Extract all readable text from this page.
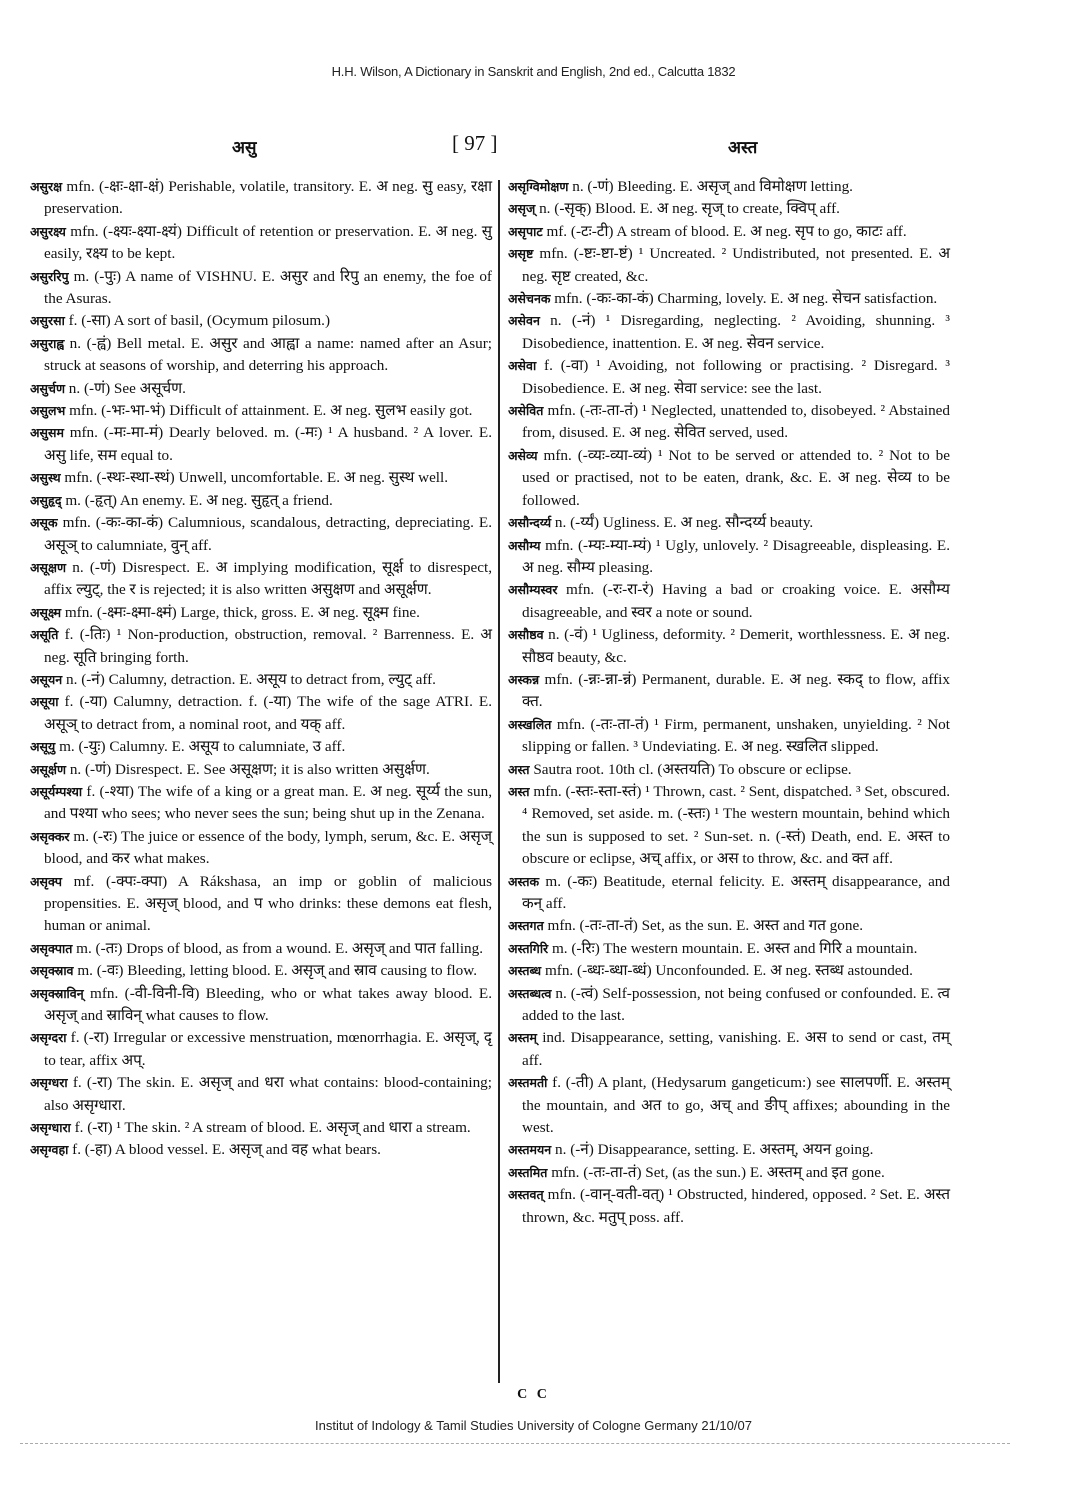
H.H. Wilson, A Dictionary in Sanskrit and English, 2nd ed., Calcutta 1832
असु	[ 97 ]	अस्त

असुरक्ष mfn. (-क्षः-क्षा-क्षं) Perishable, volatile, transitory. E. अ neg. सु easy, रक्षा preservation.

असुरक्ष्य mfn. (-क्ष्यः-क्ष्या-क्ष्यं) Difficult of retention or preservation. E. अ neg. सु easily, रक्ष्य to be kept.

असुररिपु m. (-पुः) A name of VISHNU. E. असुर and रिपु an enemy, the foe of the Asuras.

असुरसा f. (-सा) A sort of basil, (Ocymum pilosum.)

असुराह्व n. (-ह्वं) Bell metal. E. असुर and आह्वा a name: named after an Asur; struck at seasons of worship, and deterring his approach.

असुर्चण n. (-णं) See असूर्चण.

असुलभ mfn. (-भः-भा-भं) Difficult of attainment. E. अ neg. सुलभ easily got.

असुसम mfn. (-मः-मा-मं) Dearly beloved. m. (-मः) ¹ A husband. ² A lover. E. असु life, सम equal to.

असुस्थ mfn. (-स्थः-स्था-स्थं) Unwell, uncomfortable. E. अ neg. सुस्थ well.

असुहृद् m. (-हृत्) An enemy. E. अ neg. सुहृत् a friend.

असूक mfn. (-कः-का-कं) Calumnious, scandalous, detracting, depreciating. E. असूञ् to calumniate, वुन् aff.

असूक्षण n. (-णं) Disrespect. E. अ implying modification, सूर्क्ष to disrespect, affix ल्युट्, the र is rejected; it is also written असुक्षण and असूर्क्षण.

असूक्ष्म mfn. (-क्ष्मः-क्ष्मा-क्ष्मं) Large, thick, gross. E. अ neg. सूक्ष्म fine.

असूति f. (-तिः) ¹ Non-production, obstruction, removal. ² Barrenness. E. अ neg. सूति bringing forth.

असूयन n. (-नं) Calumny, detraction. E. असूय to detract from, ल्युट् aff.

असूया f. (-या) Calumny, detraction. f. (-या) The wife of the sage ATRI. E. असूञ् to detract from, a nominal root, and यक् aff.

असूयु m. (-युः) Calumny. E. असूय to calumniate, उ aff.

असूर्क्षण n. (-णं) Disrespect. E. See असूक्षण; it is also written असुर्क्षण.

असूर्यम्पश्या f. (-श्या) The wife of a king or a great man. E. अ neg. सूर्य्य the sun, and पश्या who sees; who never sees the sun; being shut up in the Zenana.

असृक्कर m. (-रः) The juice or essence of the body, lymph, serum, &c. E. असृज् blood, and कर what makes.

असृक्प mf. (-क्पः-क्पा) A Rákshasa, an imp or goblin of malicious propensities. E. असृज् blood, and प who drinks: these demons eat flesh, human or animal.

असृक्पात m. (-तः) Drops of blood, as from a wound. E. असृज् and पात falling.

असृक्स्राव m. (-वः) Bleeding, letting blood. E. असृज् and स्राव causing to flow.

असृक्स्राविन् mfn. (-वी-विनी-वि) Bleeding, who or what takes away blood. E. असृज् and स्राविन् what causes to flow.

असृग्दरा f. (-रा) Irregular or excessive menstruation, mœnorrhagia. E. असृज्, दृ to tear, affix अप्.

असृग्धरा f. (-रा) The skin. E. असृज् and धरा what contains: blood-containing; also असृग्धारा.

असृग्धारा f. (-रा) ¹ The skin. ² A stream of blood. E. असृज् and धारा a stream.

असृग्वहा f. (-हा) A blood vessel. E. असृज् and वह what bears.

असृग्विमोक्षण n. (-णं) Bleeding. E. असृज् and विमोक्षण letting.

असृज् n. (-सृक्) Blood. E. अ neg. सृज् to create, क्विप् aff.

असृपाट mf. (-टः-टी) A stream of blood. E. अ neg. सृप to go, काटः aff.

असृष्ट mfn. (-ष्टः-ष्टा-ष्टं) ¹ Uncreated. ² Undistributed, not presented. E. अ neg. सृष्ट created, &c.

असेचनक mfn. (-कः-का-कं) Charming, lovely. E. अ neg. सेचन satisfaction.

असेवन n. (-नं) ¹ Disregarding, neglecting. ² Avoiding, shunning. ³ Disobedience, inattention. E. अ neg. सेवन service.

असेवा f. (-वा) ¹ Avoiding, not following or practising. ² Disregard. ³ Disobedience. E. अ neg. सेवा service: see the last.

असेवित mfn. (-तः-ता-तं) ¹ Neglected, unattended to, disobeyed. ² Abstained from, disused. E. अ neg. सेवित served, used.

असेव्य mfn. (-व्यः-व्या-व्यं) ¹ Not to be served or attended to. ² Not to be used or practised, not to be eaten, drank, &c. E. अ neg. सेव्य to be followed.

असौन्दर्य्य n. (-र्य्यं) Ugliness. E. अ neg. सौन्दर्य्य beauty.

असौम्य mfn. (-म्यः-म्या-म्यं) ¹ Ugly, unlovely. ² Disagreeable, displeasing. E. अ neg. सौम्य pleasing.

असौम्यस्वर mfn. (-रः-रा-रं) Having a bad or croaking voice. E. असौम्य disagreeable, and स्वर a note or sound.

असौष्ठव n. (-वं) ¹ Ugliness, deformity. ² Demerit, worthlessness. E. अ neg. सौष्ठव beauty, &c.

अस्कन्न mfn. (-न्नः-न्ना-न्नं) Permanent, durable. E. अ neg. स्कद् to flow, affix क्त.

अस्खलित mfn. (-तः-ता-तं) ¹ Firm, permanent, unshaken, unyielding. ² Not slipping or fallen. ³ Undeviating. E. अ neg. स्खलित slipped.

अस्त Sautra root. 10th cl. (अस्तयति) To obscure or eclipse.

अस्त mfn. (-स्तः-स्ता-स्तं) ¹ Thrown, cast. ² Sent, dispatched. ³ Set, obscured. ⁴ Removed, set aside. m. (-स्तः) ¹ The western mountain, behind which the sun is supposed to set. ² Sun-set. n. (-स्तं) Death, end. E. अस्त to obscure or eclipse, अच् affix, or अस to throw, &c. and क्त aff.

अस्तक m. (-कः) Beatitude, eternal felicity. E. अस्तम् disappearance, and कन् aff.

अस्तगत mfn. (-तः-ता-तं) Set, as the sun. E. अस्त and गत gone.

अस्तगिरि m. (-रिः) The western mountain. E. अस्त and गिरि a mountain.

अस्तब्ध mfn. (-ब्धः-ब्धा-ब्धं) Unconfounded. E. अ neg. स्तब्ध astounded.

अस्तब्धत्व n. (-त्वं) Self-possession, not being confused or confounded. E. त्व added to the last.

अस्तम् ind. Disappearance, setting, vanishing. E. अस to send or cast, तम् aff.

अस्तमती f. (-ती) A plant, (Hedysarum gangeticum:) see सालपर्णी. E. अस्तम् the mountain, and अत to go, अच् and ङीप् affixes; abounding in the west.

अस्तमयन n. (-नं) Disappearance, setting. E. अस्तम्, अयन going.

अस्तमित mfn. (-तः-ता-तं) Set, (as the sun.) E. अस्तम् and इत gone.

अस्तवत् mfn. (-वान्-वती-वत्) ¹ Obstructed, hindered, opposed. ² Set. E. अस्त thrown, &c. मतुप् poss. aff.

C C
Institut of Indology & Tamil Studies University of Cologne Germany 21/10/07
